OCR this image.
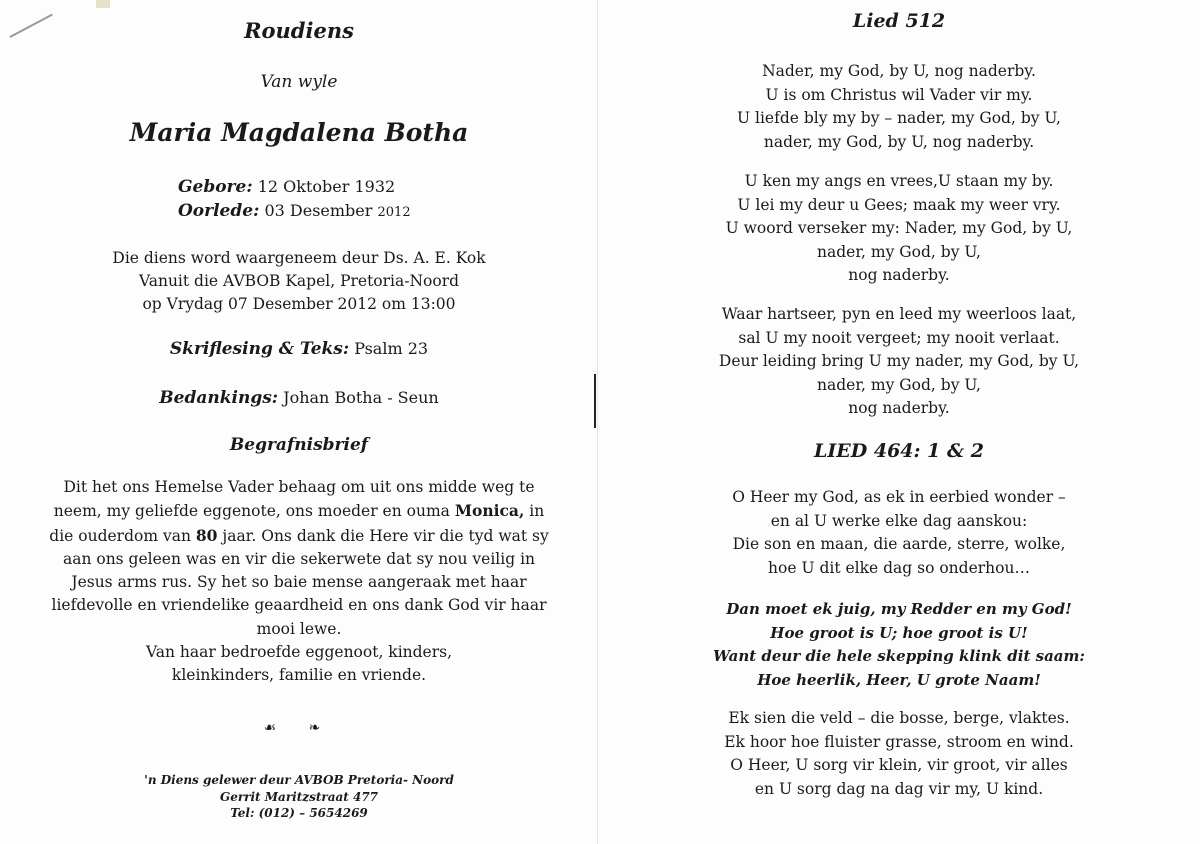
Roudiens
Van wyle
Maria Magdalena Botha
Gebore: 12 Oktober 1932
Oorlede: 03 Desember 2012
Die diens word waargeneem deur Ds. A. E. Kok
Vanuit die AVBOB Kapel, Pretoria-Noord
op Vrydag 07 Desember 2012 om 13:00
Skriflesing & Teks: Psalm 23
Bedankings: Johan Botha - Seun
Begrafnisbrief
Dit het ons Hemelse Vader behaag om uit ons midde weg te neem, my geliefde eggenote, ons moeder en ouma Monica, in die ouderdom van 80 jaar. Ons dank die Here vir die tyd wat sy aan ons geleen was en vir die sekerwete dat sy nou veilig in Jesus arms rus. Sy het so baie mense aangeraak met haar liefdevolle en vriendelike geaardheid en ons dank God vir haar mooi lewe.
Van haar bedroefde eggenoot, kinders,
kleinkinders, familie en vriende.
☙ ❧
'n Diens gelewer deur AVBOB Pretoria- Noord
Gerrit Maritzstraat 477
Tel: (012) – 5654269
Lied 512
Nader, my God, by U, nog naderby.
U is om Christus wil Vader vir my.
U liefde bly my by – nader, my God, by U,
nader, my God, by U, nog naderby.
U ken my angs en vrees,U staan my by.
U lei my deur u Gees; maak my weer vry.
U woord verseker my: Nader, my God, by U,
nader, my God, by U,
nog naderby.
Waar hartseer, pyn en leed my weerloos laat,
sal U my nooit vergeet; my nooit verlaat.
Deur leiding bring U my nader, my God, by U,
nader, my God, by U,
nog naderby.
LIED 464: 1 & 2
O Heer my God, as ek in eerbied wonder –
en al U werke elke dag aanskou:
Die son en maan, die aarde, sterre, wolke,
hoe U dit elke dag so onderhou…
Dan moet ek juig, my Redder en my God!
Hoe groot is U; hoe groot is U!
Want deur die hele skepping klink dit saam:
Hoe heerlik, Heer, U grote Naam!
Ek sien die veld – die bosse, berge, vlaktes.
Ek hoor hoe fluister grasse, stroom en wind.
O Heer, U sorg vir klein, vir groot, vir alles
en U sorg dag na dag vir my, U kind.
